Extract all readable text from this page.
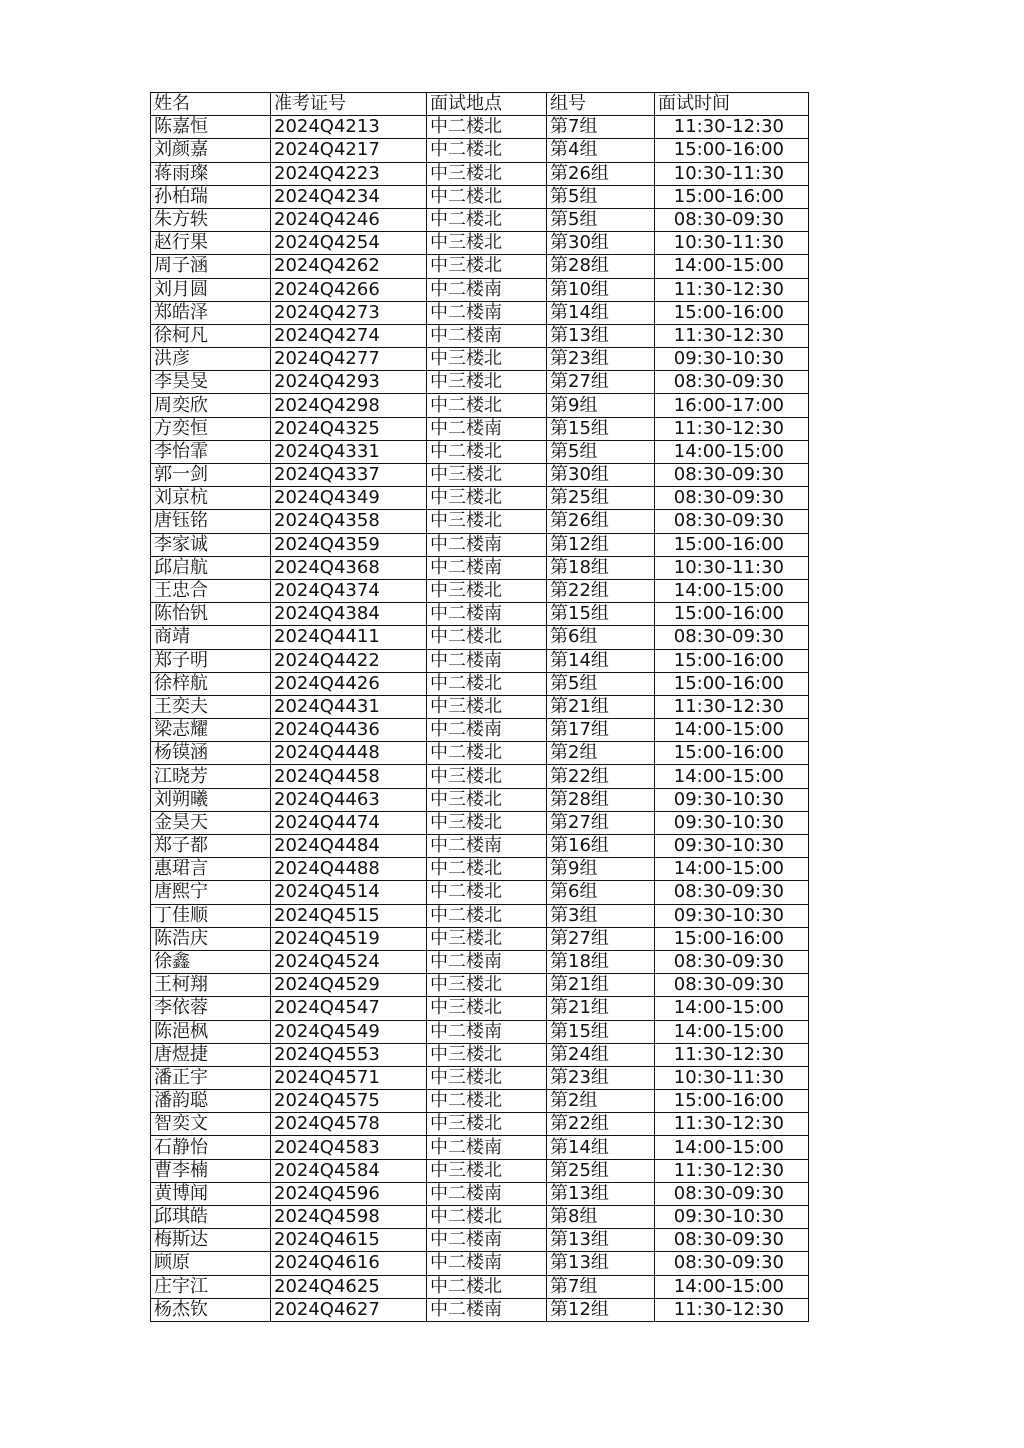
姓名	准考证号	面试地点	组号	面试时间
陈嘉恒	2024Q4213	中二楼北	第7组	11:30-12:30
刘颜嘉	2024Q4217	中二楼北	第4组	15:00-16:00
蒋雨璨	2024Q4223	中三楼北	第26组	10:30-11:30
孙柏瑞	2024Q4234	中二楼北	第5组	15:00-16:00
朱方轶	2024Q4246	中二楼北	第5组	08:30-09:30
赵行果	2024Q4254	中三楼北	第30组	10:30-11:30
周子涵	2024Q4262	中三楼北	第28组	14:00-15:00
刘月圆	2024Q4266	中二楼南	第10组	11:30-12:30
郑皓泽	2024Q4273	中二楼南	第14组	15:00-16:00
徐柯凡	2024Q4274	中二楼南	第13组	11:30-12:30
洪彦	2024Q4277	中三楼北	第23组	09:30-10:30
李昊旻	2024Q4293	中三楼北	第27组	08:30-09:30
周奕欣	2024Q4298	中二楼北	第9组	16:00-17:00
方奕恒	2024Q4325	中二楼南	第15组	11:30-12:30
李怡霏	2024Q4331	中二楼北	第5组	14:00-15:00
郭一剑	2024Q4337	中三楼北	第30组	08:30-09:30
刘京杭	2024Q4349	中三楼北	第25组	08:30-09:30
唐钰铭	2024Q4358	中三楼北	第26组	08:30-09:30
李家诚	2024Q4359	中二楼南	第12组	15:00-16:00
邱启航	2024Q4368	中二楼南	第18组	10:30-11:30
王忠合	2024Q4374	中三楼北	第22组	14:00-15:00
陈怡钒	2024Q4384	中二楼南	第15组	15:00-16:00
商靖	2024Q4411	中二楼北	第6组	08:30-09:30
郑子明	2024Q4422	中二楼南	第14组	15:00-16:00
徐梓航	2024Q4426	中二楼北	第5组	15:00-16:00
王奕夫	2024Q4431	中三楼北	第21组	11:30-12:30
梁志耀	2024Q4436	中二楼南	第17组	14:00-15:00
杨镆涵	2024Q4448	中二楼北	第2组	15:00-16:00
江晓芳	2024Q4458	中三楼北	第22组	14:00-15:00
刘朔曦	2024Q4463	中三楼北	第28组	09:30-10:30
金昊天	2024Q4474	中三楼北	第27组	09:30-10:30
郑子都	2024Q4484	中二楼南	第16组	09:30-10:30
惠珺言	2024Q4488	中二楼北	第9组	14:00-15:00
唐熙宁	2024Q4514	中二楼北	第6组	08:30-09:30
丁佳顺	2024Q4515	中二楼北	第3组	09:30-10:30
陈浩庆	2024Q4519	中三楼北	第27组	15:00-16:00
徐鑫	2024Q4524	中二楼南	第18组	08:30-09:30
王柯翔	2024Q4529	中三楼北	第21组	08:30-09:30
李依蓉	2024Q4547	中三楼北	第21组	14:00-15:00
陈浥枫	2024Q4549	中二楼南	第15组	14:00-15:00
唐煜捷	2024Q4553	中三楼北	第24组	11:30-12:30
潘正宇	2024Q4571	中三楼北	第23组	10:30-11:30
潘韵聪	2024Q4575	中二楼北	第2组	15:00-16:00
智奕文	2024Q4578	中三楼北	第22组	11:30-12:30
石静怡	2024Q4583	中二楼南	第14组	14:00-15:00
曹李楠	2024Q4584	中三楼北	第25组	11:30-12:30
黄博闻	2024Q4596	中二楼南	第13组	08:30-09:30
邱琪皓	2024Q4598	中二楼北	第8组	09:30-10:30
梅斯达	2024Q4615	中二楼南	第13组	08:30-09:30
顾原	2024Q4616	中二楼南	第13组	08:30-09:30
庄宇江	2024Q4625	中二楼北	第7组	14:00-15:00
杨杰钦	2024Q4627	中二楼南	第12组	11:30-12:30
